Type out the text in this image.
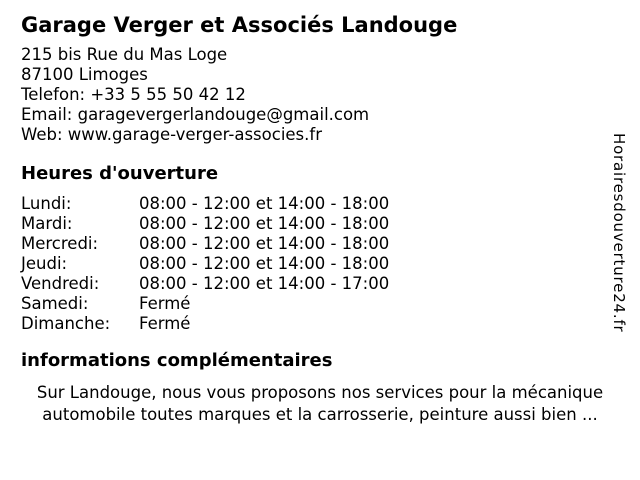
Garage Verger et Associés Landouge
215 bis Rue du Mas Loge
87100 Limoges
Telefon: +33 5 55 50 42 12
Email: garagevergerlandouge@gmail.com
Web: www.garage-verger-associes.fr
Heures d'ouverture
Lundi:	08:00 - 12:00 et 14:00 - 18:00
Mardi:	08:00 - 12:00 et 14:00 - 18:00
Mercredi: 08:00 - 12:00 et 14:00 - 18:00
Jeudi:	08:00 - 12:00 et 14:00 - 18:00
Vendredi: 08:00 - 12:00 et 14:00 - 17:00
Samedi:	Fermé
Dimanche: Fermé
informations complémentaires

Sur Landouge, nous vous proposons nos services pour la mécanique automobile toutes marques et la carrosserie, peinture aussi bien ...

Horairesdouverture24.fr
